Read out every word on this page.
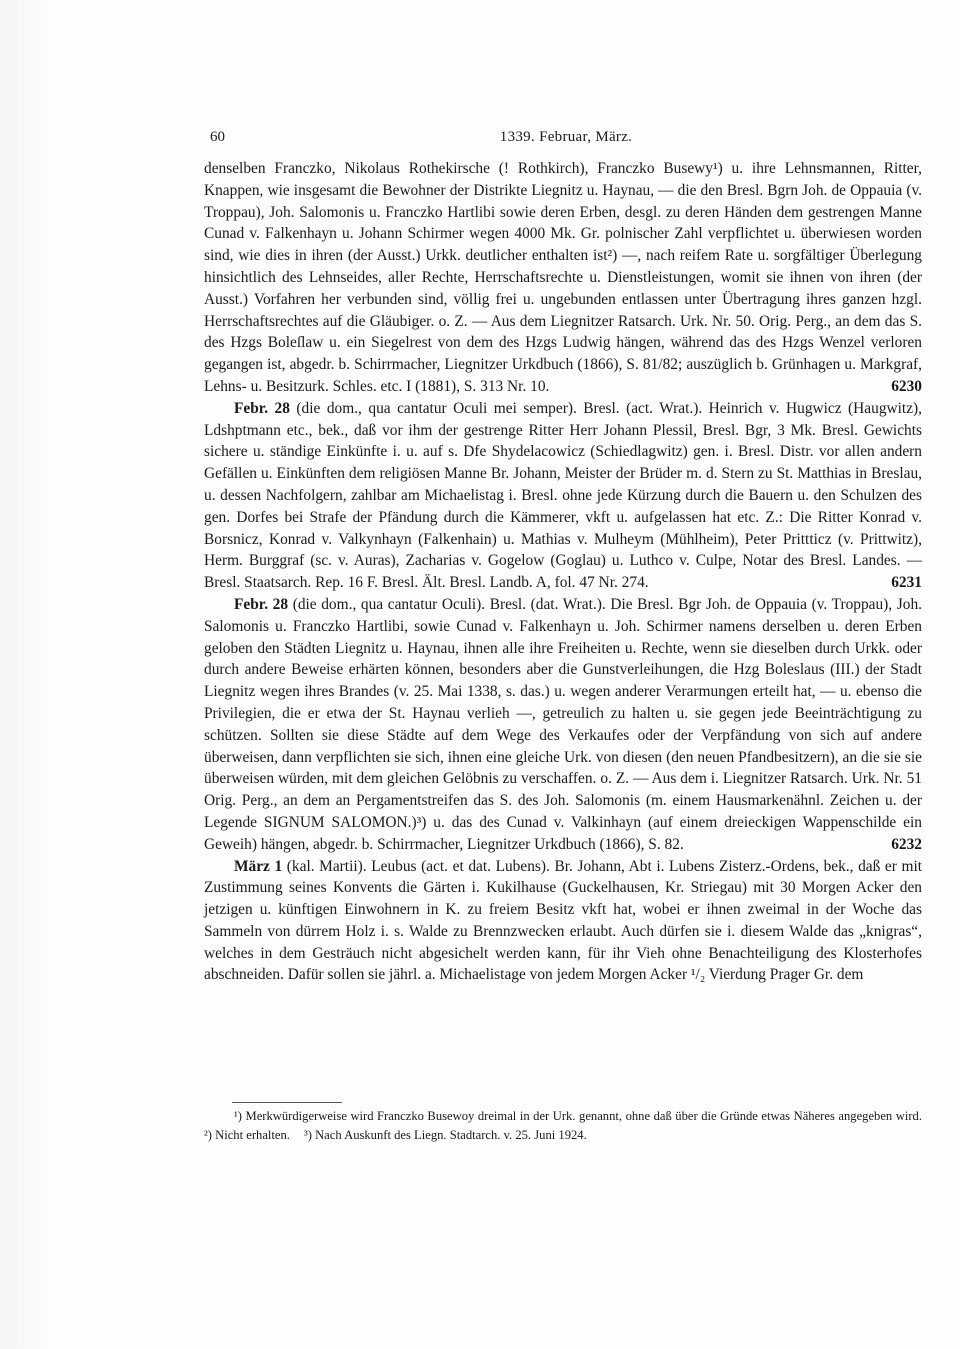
60	1339. Februar, März.

denselben Franczko, Nikolaus Rothekirsche (! Rothkirch), Franczko Busewy¹) u. ihre Lehnsmannen, Ritter, Knappen, wie insgesamt die Bewohner der Distrikte Liegnitz u. Haynau, — die den Bresl. Bgrn Joh. de Oppauia (v. Troppau), Joh. Salomonis u. Franczko Hartlibi sowie deren Erben, desgl. zu deren Händen dem gestrengen Manne Cunad v. Falkenhayn u. Johann Schirmer wegen 4000 Mk. Gr. polnischer Zahl verpflichtet u. überwiesen worden sind, wie dies in ihren (der Ausst.) Urkk. deutlicher enthalten ist²) —, nach reifem Rate u. sorgfältiger Überlegung hinsichtlich des Lehnseides, aller Rechte, Herrschaftsrechte u. Dienstleistungen, womit sie ihnen von ihren (der Ausst.) Vorfahren her verbunden sind, völlig frei u. ungebunden entlassen unter Übertragung ihres ganzen hzgl. Herrschaftsrechtes auf die Gläubiger. o. Z. — Aus dem Liegnitzer Ratsarch. Urk. Nr. 50. Orig. Perg., an dem das S. des Hzgs Boleſlaw u. ein Siegelrest von dem des Hzgs Ludwig hängen, während das des Hzgs Wenzel verloren gegangen ist, abgedr. b. Schirrmacher, Liegnitzer Urkdbuch (1866), S. 81/82; auszüglich b. Grünhagen u. Markgraf, Lehns- u. Besitzurk. Schles. etc. I (1881), S. 313 Nr. 10.	6230

Febr. 28 (die dom., qua cantatur Oculi mei semper). Bresl. (act. Wrat.). Heinrich v. Hugwicz (Haugwitz), Ldshptmann etc., bek., daß vor ihm der gestrenge Ritter Herr Johann Plessil, Bresl. Bgr, 3 Mk. Bresl. Gewichts sichere u. ständige Einkünfte i. u. auf s. Dfe Shydelacowicz (Schiedlagwitz) gen. i. Bresl. Distr. vor allen andern Gefällen u. Einkünften dem religiösen Manne Br. Johann, Meister der Brüder m. d. Stern zu St. Matthias in Breslau, u. dessen Nachfolgern, zahlbar am Michaelistag i. Bresl. ohne jede Kürzung durch die Bauern u. den Schulzen des gen. Dorfes bei Strafe der Pfändung durch die Kämmerer, vkft u. aufgelassen hat etc. Z.: Die Ritter Konrad v. Borsnicz, Konrad v. Valkynhayn (Falkenhain) u. Mathias v. Mulheym (Mühlheim), Peter Prittticz (v. Prittwitz), Herm. Burggraf (sc. v. Auras), Zacharias v. Gogelow (Goglau) u. Luthco v. Culpe, Notar des Bresl. Landes. — Bresl. Staatsarch. Rep. 16 F. Bresl. Ält. Bresl. Landb. A, fol. 47 Nr. 274.	6231

Febr. 28 (die dom., qua cantatur Oculi). Bresl. (dat. Wrat.). Die Bresl. Bgr Joh. de Oppauia (v. Troppau), Joh. Salomonis u. Franczko Hartlibi, sowie Cunad v. Falkenhayn u. Joh. Schirmer namens derselben u. deren Erben geloben den Städten Liegnitz u. Haynau, ihnen alle ihre Freiheiten u. Rechte, wenn sie dieselben durch Urkk. oder durch andere Beweise erhärten können, besonders aber die Gunstverleihungen, die Hzg Boleslaus (III.) der Stadt Liegnitz wegen ihres Brandes (v. 25. Mai 1338, s. das.) u. wegen anderer Verarmungen erteilt hat, — u. ebenso die Privilegien, die er etwa der St. Haynau verlieh —, getreulich zu halten u. sie gegen jede Beeinträchtigung zu schützen. Sollten sie diese Städte auf dem Wege des Verkaufes oder der Verpfändung von sich auf andere überweisen, dann verpflichten sie sich, ihnen eine gleiche Urk. von diesen (den neuen Pfandbesitzern), an die sie sie überweisen würden, mit dem gleichen Gelöbnis zu verschaffen. o. Z. — Aus dem i. Liegnitzer Ratsarch. Urk. Nr. 51 Orig. Perg., an dem an Pergamentstreifen das S. des Joh. Salomonis (m. einem Hausmarkenähnl. Zeichen u. der Legende SIGNUM SALOMON.)³) u. das des Cunad v. Valkinhayn (auf einem dreieckigen Wappenschilde ein Geweih) hängen, abgedr. b. Schirrmacher, Liegnitzer Urkdbuch (1866), S. 82.	6232

März 1 (kal. Martii). Leubus (act. et dat. Lubens). Br. Johann, Abt i. Lubens Zisterz.-Ordens, bek., daß er mit Zustimmung seines Konvents die Gärten i. Kukilhause (Guckelhausen, Kr. Striegau) mit 30 Morgen Acker den jetzigen u. künftigen Einwohnern in K. zu freiem Besitz vkft hat, wobei er ihnen zweimal in der Woche das Sammeln von dürrem Holz i. s. Walde zu Brennzwecken erlaubt. Auch dürfen sie i. diesem Walde das „knigras“, welches in dem Gesträuch nicht abgesichelt werden kann, für ihr Vieh ohne Benachteiligung des Klosterhofes abschneiden. Dafür sollen sie jährl. a. Michaelistage von jedem Morgen Acker ¹/₂ Vierdung Prager Gr. dem

¹) Merkwürdigerweise wird Franczko Busewoy dreimal in der Urk. genannt, ohne daß über die Gründe etwas Näheres angegeben wird. ²) Nicht erhalten. ³) Nach Auskunft des Liegn. Stadtarch. v. 25. Juni 1924.
